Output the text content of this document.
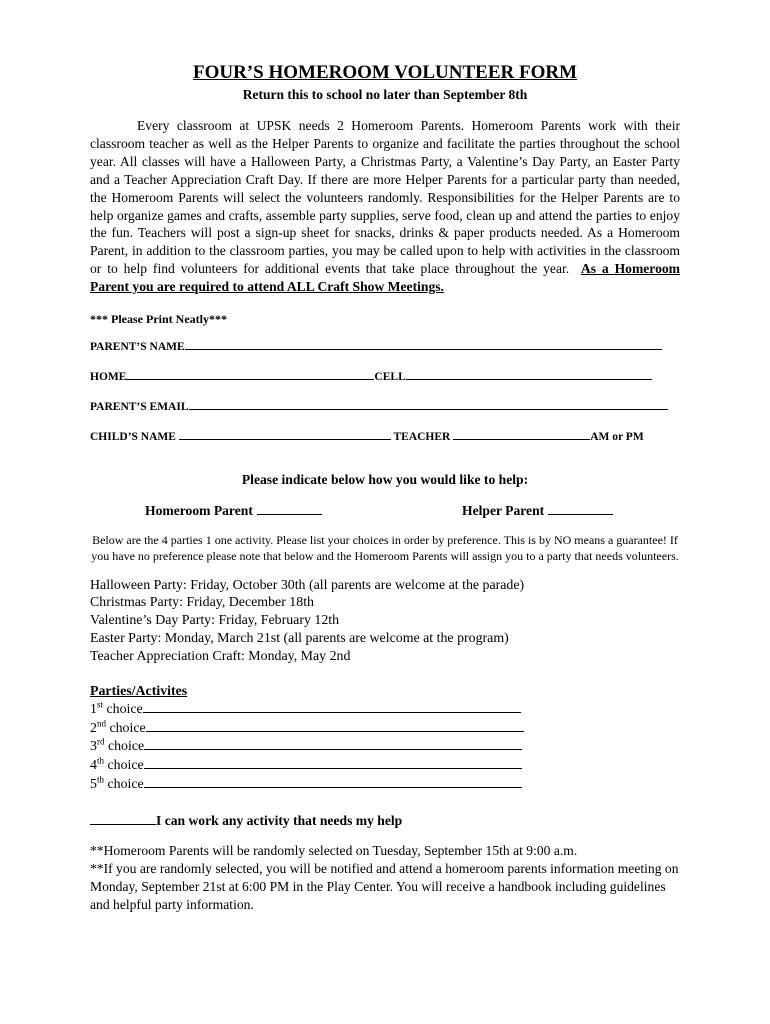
FOUR’S HOMEROOM VOLUNTEER FORM

Return this to school no later than September 8th

Every classroom at UPSK needs 2 Homeroom Parents. Homeroom Parents work with their classroom teacher as well as the Helper Parents to organize and facilitate the parties throughout the school year. All classes will have a Halloween Party, a Christmas Party, a Valentine’s Day Party, an Easter Party and a Teacher Appreciation Craft Day. If there are more Helper Parents for a particular party than needed, the Homeroom Parents will select the volunteers randomly. Responsibilities for the Helper Parents are to help organize games and crafts, assemble party supplies, serve food, clean up and attend the parties to enjoy the fun. Teachers will post a sign-up sheet for snacks, drinks & paper products needed. As a Homeroom Parent, in addition to the classroom parties, you may be called upon to help with activities in the classroom or to help find volunteers for additional events that take place throughout the year. As a Homeroom Parent you are required to attend ALL Craft Show Meetings.

*** Please Print Neatly***
PARENT’S NAME
HOME	CELL
PARENT’S EMAIL
CHILD’S NAME	TEACHER	AM or PM
Please indicate below how you would like to help:
Homeroom Parent	Helper Parent
Below are the 4 parties 1 one activity. Please list your choices in order by preference. This is by NO means a guarantee! If you have no preference please note that below and the Homeroom Parents will assign you to a party that needs volunteers.
Halloween Party: Friday, October 30th (all parents are welcome at the parade)
Christmas Party: Friday, December 18th
Valentine’s Day Party: Friday, February 12th
Easter Party: Monday, March 21st (all parents are welcome at the program)
Teacher Appreciation Craft: Monday, May 2nd
Parties/Activites
1st choice
2nd choice
3rd choice
4th choice
5th choice
I can work any activity that needs my help
**Homeroom Parents will be randomly selected on Tuesday, September 15th at 9:00 a.m.
**If you are randomly selected, you will be notified and attend a homeroom parents information meeting on Monday, September 21st at 6:00 PM in the Play Center. You will receive a handbook including guidelines and helpful party information.
